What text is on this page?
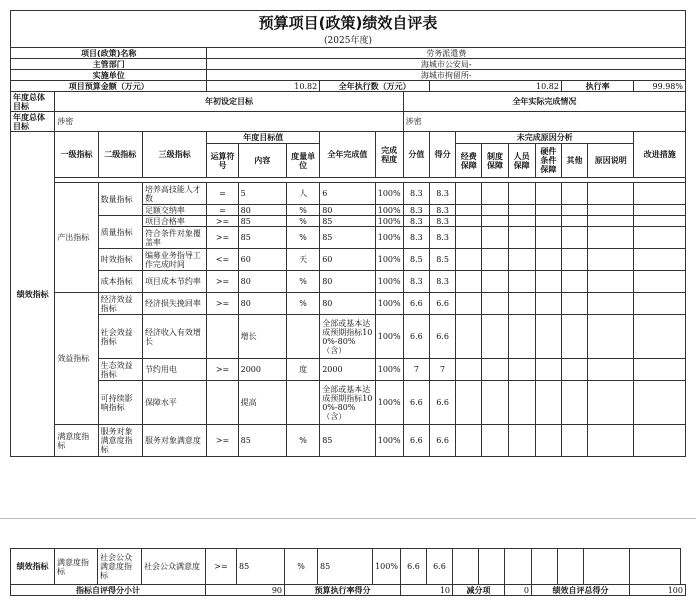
预算项目(政策)绩效自评表																	
(2025年度)																	
项目(政策)名称				劳务派遣费													
主管部门				海城市公安局-													
实施单位				海城市拘留所-													
项目预算金额（万元）				10.82			全年执行数（万元）			10.82					执行率		99.98%
年度总体目标	年初设定目标								全年实际完成情况								
年度总体目标	涉密								涉密								
绩效指标	一级指标	二级指标	三级指标	年度目标值			全年完成值	完成程度	分值	得分	未完成原因分析						改进措施
				运算符号	内容	度量单位					经费保障	制度保障	人员保障	硬件条件保障	其他	原因说明	

	产出指标	数量指标	培养高技能人才数	=	5	人	6	100%	8.3	8.3							
			足额交纳率	=	80	%	80	100%	8.3	8.3							
		质量指标	项目合格率	>=	85	%	85	100%	8.3	8.3							
			符合条件对象覆盖率	>=	85	%	85	100%	8.3	8.3							
		时效指标	编募业务指导工作完成时间	<=	60	天	60	100%	8.5	8.5							
		成本指标	项目成本节约率	>=	80	%	80	100%	8.3	8.3							
	效益指标	经济效益指标	经济损失挽回率	>=	80	%	80	100%	6.6	6.6							
		社会效益指标	经济收入有效增长		增长		全部或基本达成预期指标100%-80%（含）	100%	6.6	6.6							
		生态效益指标	节约用电	>=	2000	度	2000	100%	7	7							
		可持续影响指标	保障水平		提高		全部或基本达成预期指标100%-80%（含）	100%	6.6	6.6							
	满意度指标	服务对象满意度指标	服务对象满意度	>=	85	%	85	100%	6.6	6.6							
绩效指标	满意度指标	社会公众满意度指标	社会公众满意度	>=	85	%	85	100%	6.6	6.6							
指标自评得分小计				90		预算执行率得分			10		减分项		0	绩效自评总得分			100
